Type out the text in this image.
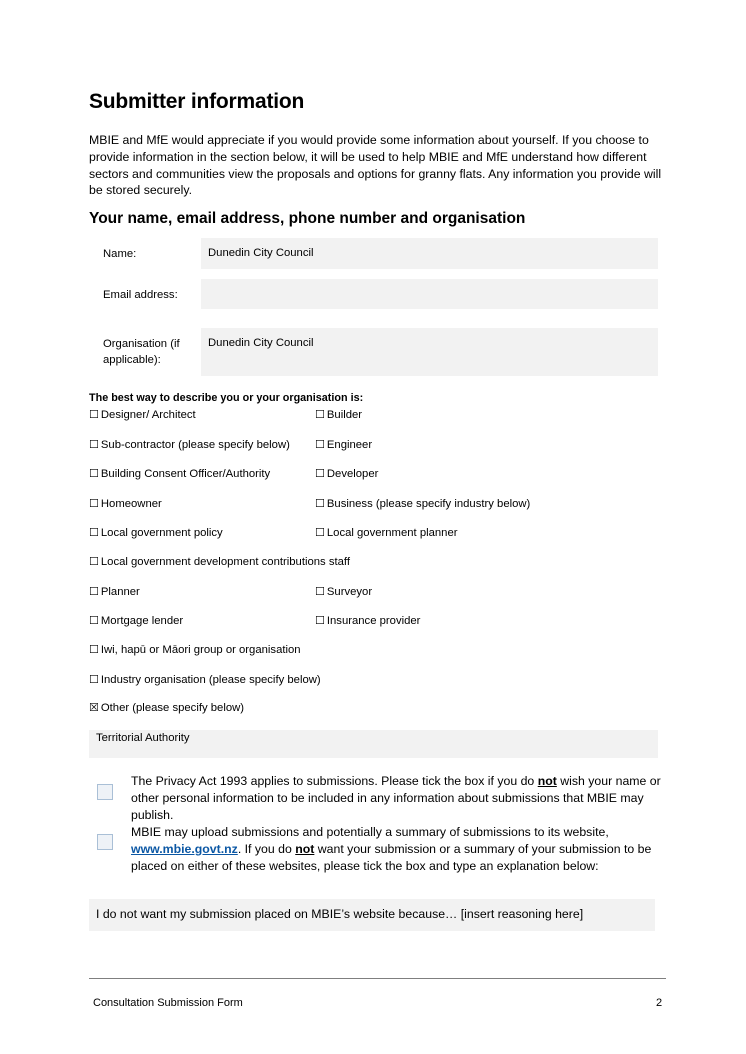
Submitter information
MBIE and MfE would appreciate if you would provide some information about yourself. If you choose to provide information in the section below, it will be used to help MBIE and MfE understand how different sectors and communities view the proposals and options for granny flats. Any information you provide will be stored securely.
Your name, email address, phone number and organisation
Name:	Dunedin City Council
Email address:
Organisation (if
applicable):
Dunedin City Council
The best way to describe you or your organisation is:
☐ Designer/ Architect	☐ Builder
☐ Sub-contractor (please specify below) ☐ Engineer
☐ Building Consent Officer/Authority	☐ Developer
☐ Homeowner	☐ Business (please specify industry below)
☐ Local government policy	☐ Local government planner
☐ Local government development contributions staff
☐ Planner	☐ Surveyor
☐ Mortgage lender	☐ Insurance provider
☐ Iwi, hapū or Māori group or organisation
☐ Industry organisation (please specify below)
☒ Other (please specify below)
Territorial Authority
The Privacy Act 1993 applies to submissions. Please tick the box if you do not wish your name or other personal information to be included in any information about submissions that MBIE may publish.
MBIE may upload submissions and potentially a summary of submissions to its website, www.mbie.govt.nz. If you do not want your submission or a summary of your submission to be placed on either of these websites, please tick the box and type an explanation below:
I do not want my submission placed on MBIE’s website because… [insert reasoning here]
Consultation Submission Form	2
